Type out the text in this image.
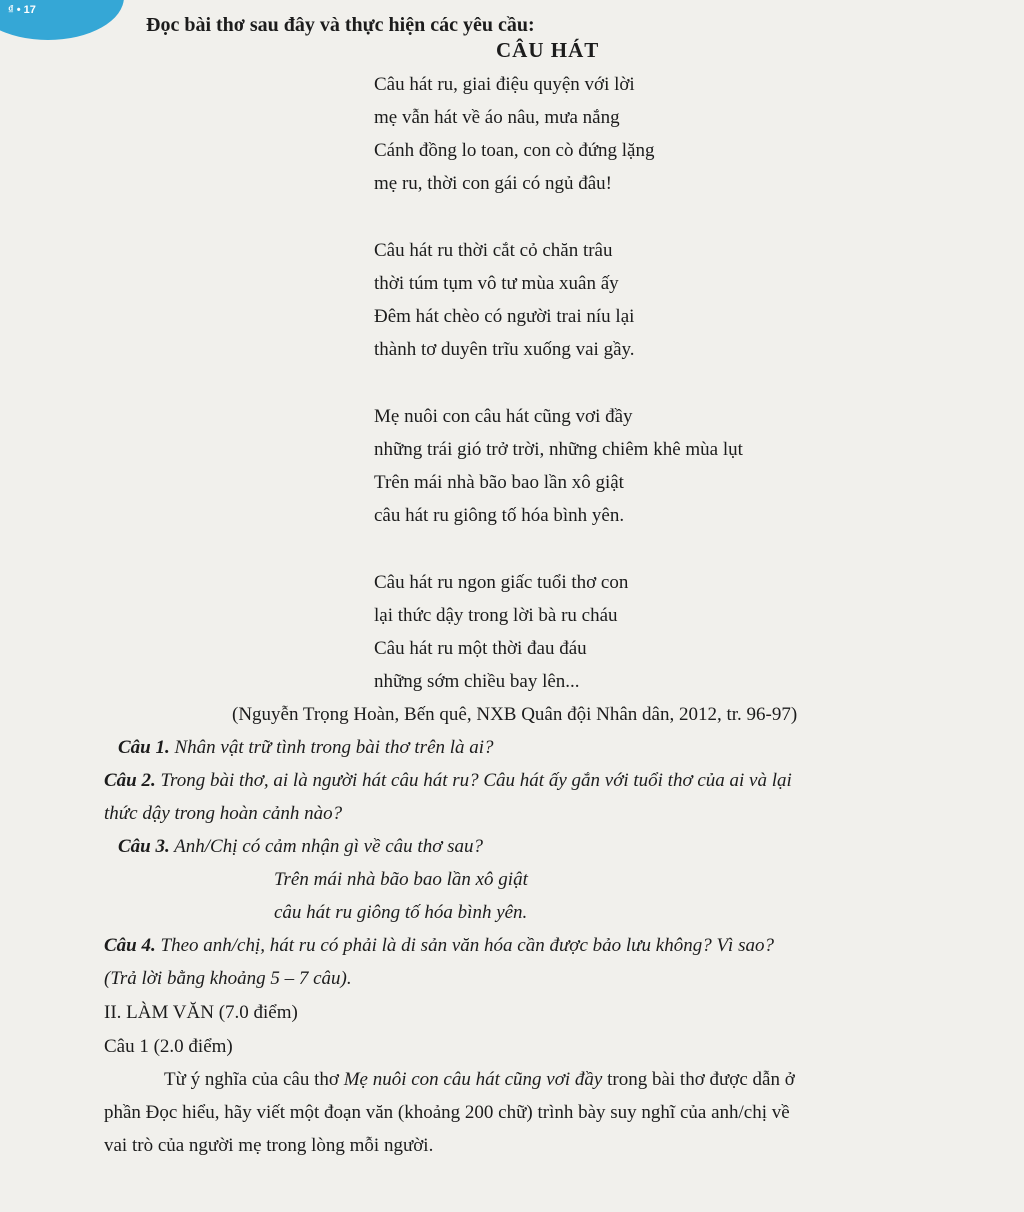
₫ • 17
Đọc bài thơ sau đây và thực hiện các yêu cầu:
CÂU HÁT
Câu hát ru, giai điệu quyện với lời
mẹ vẫn hát về áo nâu, mưa nắng
Cánh đồng lo toan, con cò đứng lặng
mẹ ru, thời con gái có ngủ đâu!
Câu hát ru thời cắt cỏ chăn trâu
thời túm tụm vô tư mùa xuân ấy
Đêm hát chèo có người trai níu lại
thành tơ duyên trĩu xuống vai gầy.
Mẹ nuôi con câu hát cũng vơi đầy
những trái gió trở trời, những chiêm khê mùa lụt
Trên mái nhà bão bao lần xô giật
câu hát ru giông tố hóa bình yên.
Câu hát ru ngon giấc tuổi thơ con
lại thức dậy trong lời bà ru cháu
Câu hát ru một thời đau đáu
những sớm chiều bay lên...
(Nguyễn Trọng Hoàn, Bến quê, NXB Quân đội Nhân dân, 2012, tr. 96-97)
Câu 1. Nhân vật trữ tình trong bài thơ trên là ai?
Câu 2. Trong bài thơ, ai là người hát câu hát ru? Câu hát ấy gắn với tuổi thơ của ai và lại
thức dậy trong hoàn cảnh nào?
Câu 3. Anh/Chị có cảm nhận gì về câu thơ sau?
Trên mái nhà bão bao lần xô giật
câu hát ru giông tố hóa bình yên.
Câu 4. Theo anh/chị, hát ru có phải là di sản văn hóa cần được bảo lưu không? Vì sao?
(Trả lời bằng khoảng 5 – 7 câu).
II. LÀM VĂN (7.0 điểm)
Câu 1 (2.0 điểm)
Từ ý nghĩa của câu thơ Mẹ nuôi con câu hát cũng vơi đầy trong bài thơ được dẫn ở
phần Đọc hiểu, hãy viết một đoạn văn (khoảng 200 chữ) trình bày suy nghĩ của anh/chị về
vai trò của người mẹ trong lòng mỗi người.
